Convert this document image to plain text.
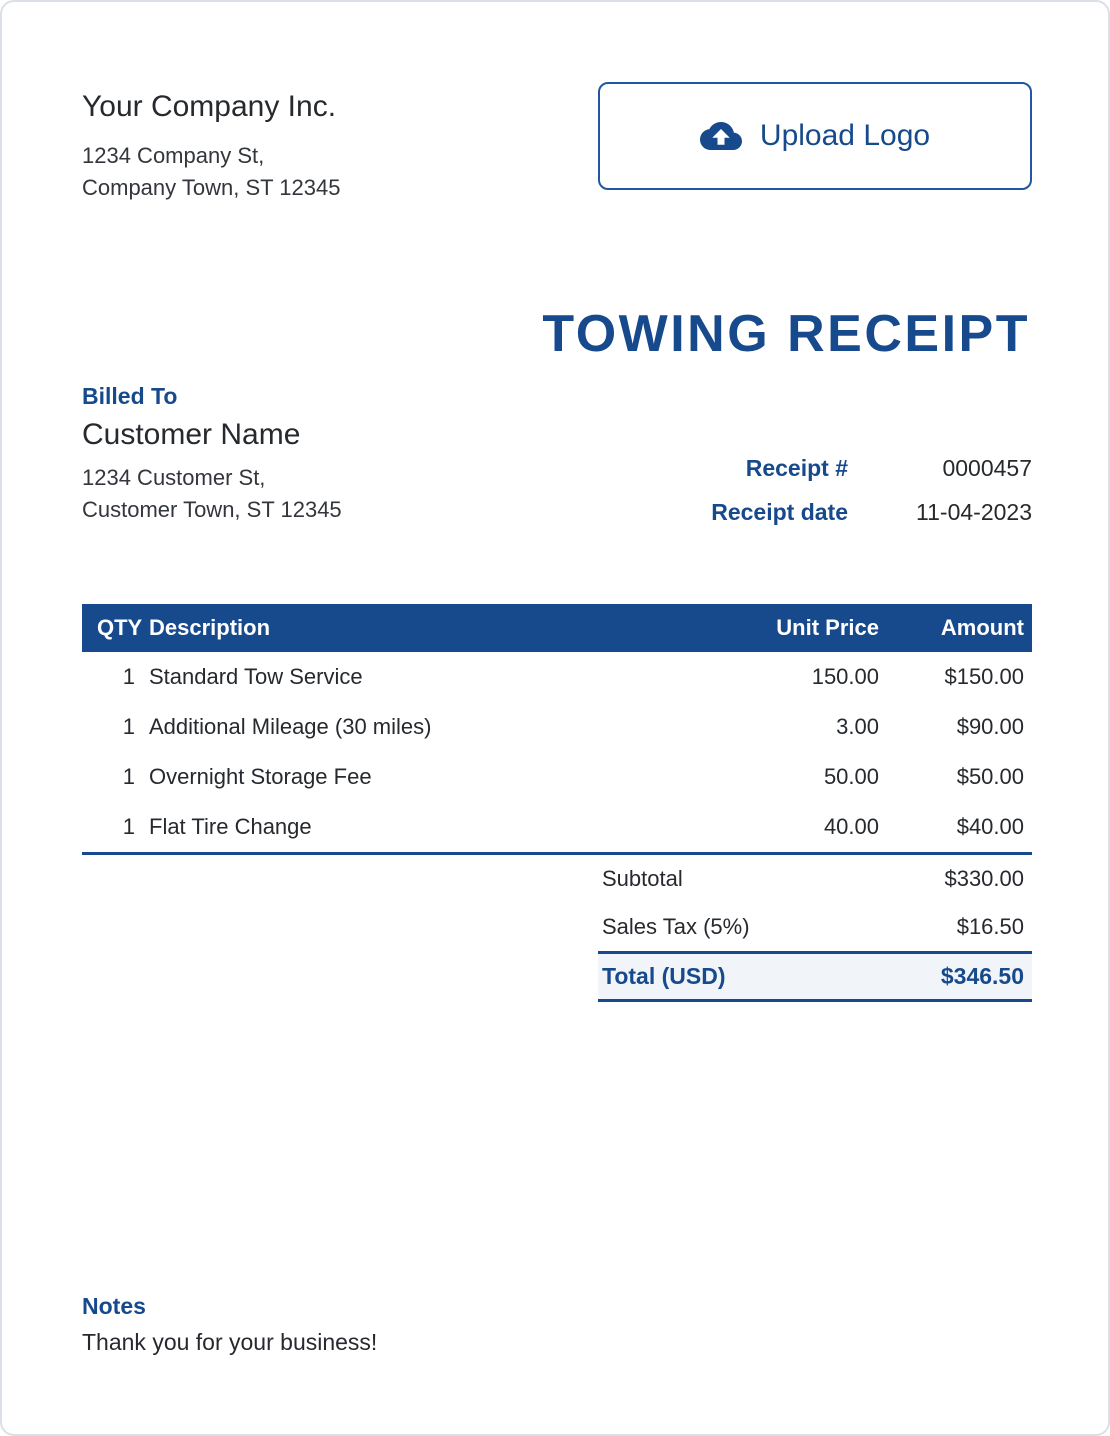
Your Company Inc.
1234 Company St,
Company Town, ST 12345
Upload Logo
TOWING RECEIPT
Billed To
Customer Name
1234 Customer St,
Customer Town, ST 12345
Receipt #	0000457
Receipt date	11-04-2023
QTY Description	Unit Price	Amount
1 Standard Tow Service	150.00	$150.00
1 Additional Mileage (30 miles)	3.00	$90.00
1 Overnight Storage Fee	50.00	$50.00
1 Flat Tire Change	40.00	$40.00
Subtotal	$330.00
Sales Tax (5%)	$16.50
Total (USD)	$346.50
Notes
Thank you for your business!
